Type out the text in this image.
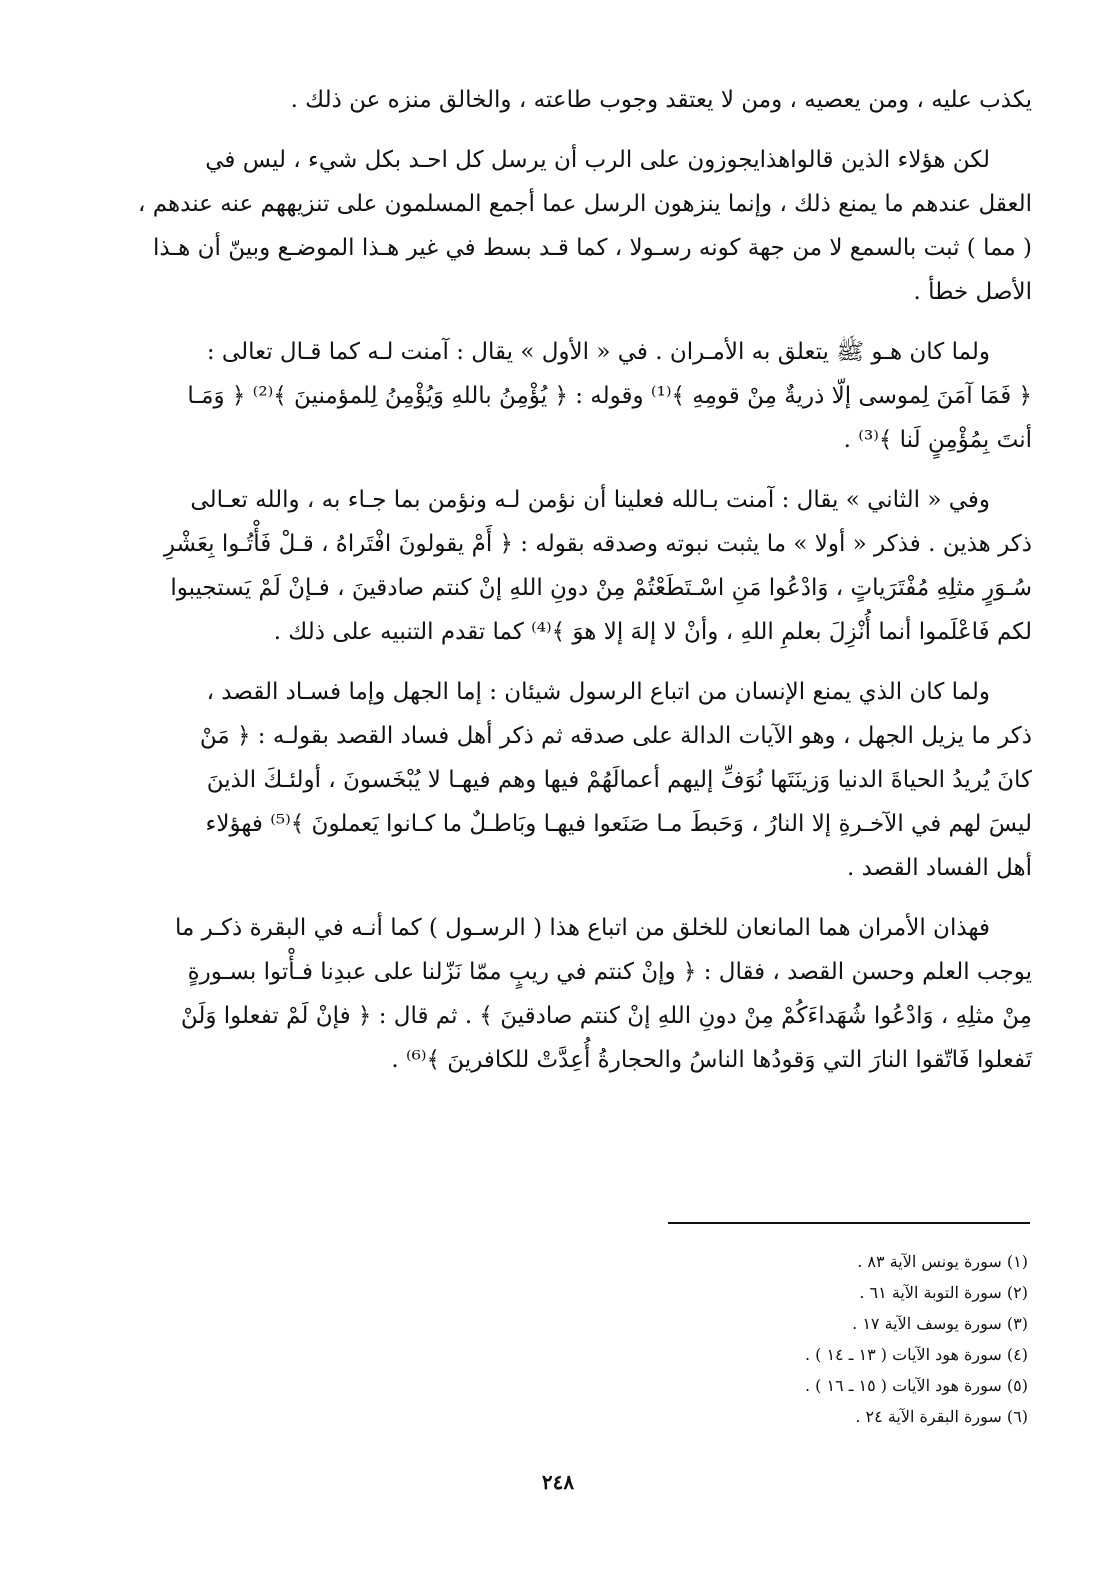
يكذب عليه ، ومن يعصيه ، ومن لا يعتقد وجوب طاعته ، والخالق منزه عن ذلك .

لكن هؤلاء الذين قالواهذايجوزون على الرب أن يرسل كل احـد بكل شيء ، ليس في
العقل عندهم ما يمنع ذلك ، وإنما ينزهون الرسل عما أجمع المسلمون على تنزيههم عنه عندهم ،
( مما ) ثبت بالسمع لا من جهة كونه رسـولا ، كما قـد بسط في غير هـذا الموضـع وبينّ أن هـذا
الأصل خطأ .

ولما كان هـو ﷺ يتعلق به الأمـران . في « الأول » يقال : آمنت لـه كما قـال تعالى :
﴿ فَمَا آمَنَ لِموسى إلّا ذريةٌ مِنْ قومِهِ ﴾⁽¹⁾ وقوله : ﴿ يُؤْمِنُ باللهِ وَيُؤْمِنُ لِلمؤمنينَ ﴾⁽²⁾ ﴿ وَمَـا
أنتَ بِمُؤْمِنٍ لَنا ﴾⁽³⁾ .

وفي « الثاني » يقال : آمنت بـالله فعلينا أن نؤمن لـه ونؤمن بما جـاء به ، والله تعـالى
ذكر هذين . فذكر « أولا » ما يثبت نبوته وصدقه بقوله : ﴿ أَمْ يقولونَ افْتَراهُ ، قـلْ فَأْتُـوا بِعَشْرِ
سُـوَرٍ مثلِهِ مُفْتَرَياتٍ ، وَادْعُوا مَنِ اسْـتَطَعْتُمْ مِنْ دونِ اللهِ إنْ كنتم صادقينَ ، فـإنْ لَمْ يَستجيبوا
لكم فَاعْلَموا أنما أُنْزِلَ بعلمِ اللهِ ، وأنْ لا إلهَ إلا هوَ ﴾⁽⁴⁾ كما تقدم التنبيه على ذلك .

ولما كان الذي يمنع الإنسان من اتباع الرسول شيئان : إما الجهل وإما فسـاد القصد ،
ذكر ما يزيل الجهل ، وهو الآيات الدالة على صدقه ثم ذكر أهل فساد القصد بقولـه : ﴿ مَنْ
كانَ يُريدُ الحياةَ الدنيا وَزينَتَها نُوَفِّ إليهم أعمالَهُمْ فيها وهم فيهـا لا يُبْخَسونَ ، أولئـكَ الذينَ
ليسَ لهم في الآخـرةِ إلا النارُ ، وَحَبطَ مـا صَنَعوا فيهـا وبَاطـلٌ ما كـانوا يَعملونَ ﴾⁽⁵⁾ فهؤلاء
أهل الفساد القصد .

فهذان الأمران هما المانعان للخلق من اتباع هذا ( الرسـول ) كما أنـه في البقرة ذكـر ما
يوجب العلم وحسن القصد ، فقال : ﴿ وإنْ كنتم في ريبٍ ممّا نَزّلنا على عبدِنا فـأْتوا بسـورةٍ
مِنْ مثلِهِ ، وَادْعُوا شُهَداءَكُمْ مِنْ دونِ اللهِ إنْ كنتم صادقينَ ﴾ . ثم قال : ﴿ فإنْ لَمْ تفعلوا وَلَنْ
تَفعلوا فَاتّقوا النارَ التي وَقودُها الناسُ والحجارةُ أُعِدَّتْ للكافرينَ ﴾⁽⁶⁾ .

(١) سورة يونس الآية ٨٣ .
(٢) سورة التوبة الآية ٦١ .
(٣) سورة يوسف الآية ١٧ .
(٤) سورة هود الآيات ( ١٣ ـ ١٤ ) .
(٥) سورة هود الآيات ( ١٥ ـ ١٦ ) .
(٦) سورة البقرة الآية ٢٤ .
٢٤٨
